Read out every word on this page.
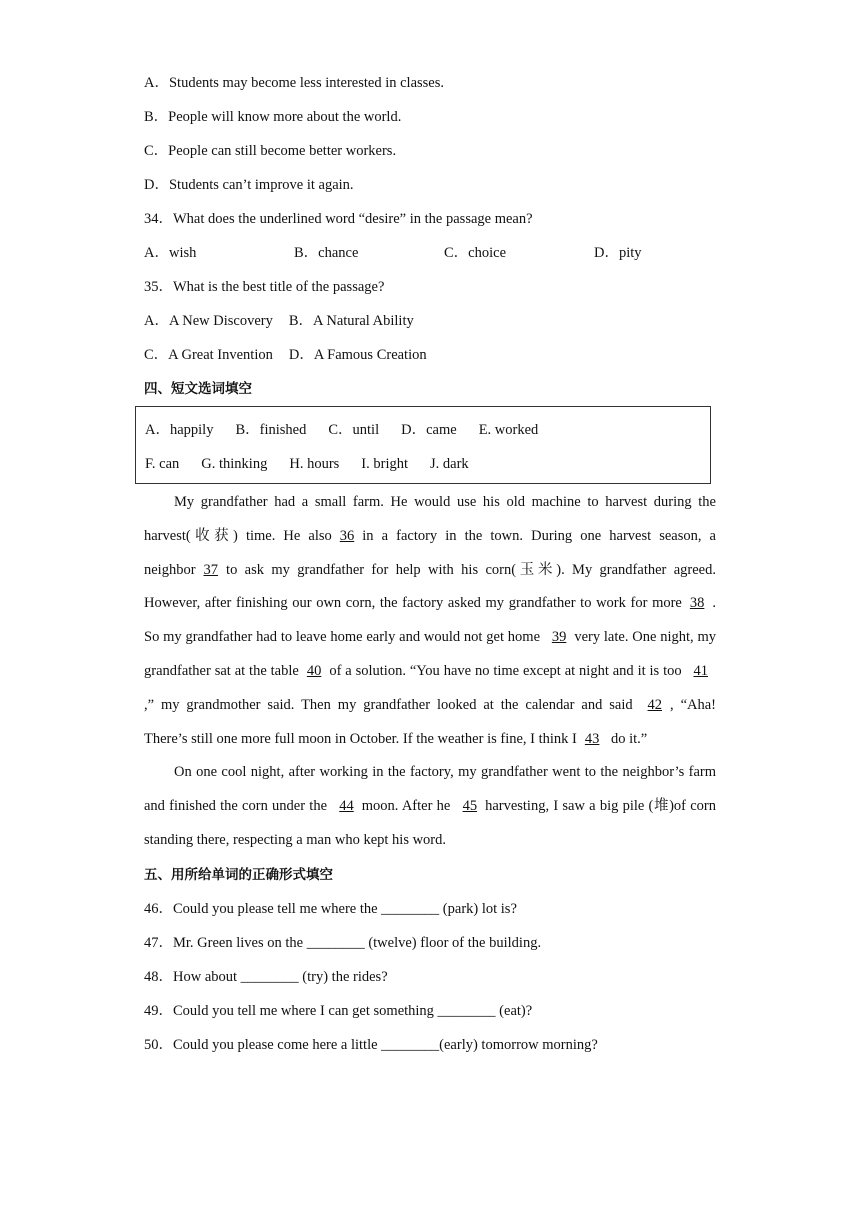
A．Students may become less interested in classes.
B．People will know more about the world.
C．People can still become better workers.
D．Students can’t improve it again.
34．What does the underlined word “desire” in the passage mean?
A．wish	B．chance	C．choice	D．pity
35．What is the best title of the passage?
A．A New Discovery B．A Natural Ability
C．A Great Invention D．A Famous Creation
四、短文选词填空
A．happily B．finished C．until D．came E. worked
F. can G. thinking H. hours I. bright J. dark
My grandfather had a small farm. He would use his old machine to harvest during the harvest(收获) time. He also 36 in a factory in the town. During one harvest season, a neighbor 37 to ask my grandfather for help with his corn(玉米). My grandfather agreed. However, after finishing our own corn, the factory asked my grandfather to work for more 38 . So my grandfather had to leave home early and would not get home 39 very late. One night, my grandfather sat at the table 40 of a solution. “You have no time except at night and it is too 41 ,” my grandmother said. Then my grandfather looked at the calendar and said 42 , “Aha! There’s still one more full moon in October. If the weather is fine, I think I 43 do it.”
On one cool night, after working in the factory, my grandfather went to the neighbor’s farm and finished the corn under the 44 moon. After he 45 harvesting, I saw a big pile (堆)of corn standing there, respecting a man who kept his word.
五、用所给单词的正确形式填空
46．Could you please tell me where the ________ (park) lot is?
47．Mr. Green lives on the ________ (twelve) floor of the building.
48．How about ________ (try) the rides?
49．Could you tell me where I can get something ________ (eat)?
50．Could you please come here a little ________(early) tomorrow morning?
